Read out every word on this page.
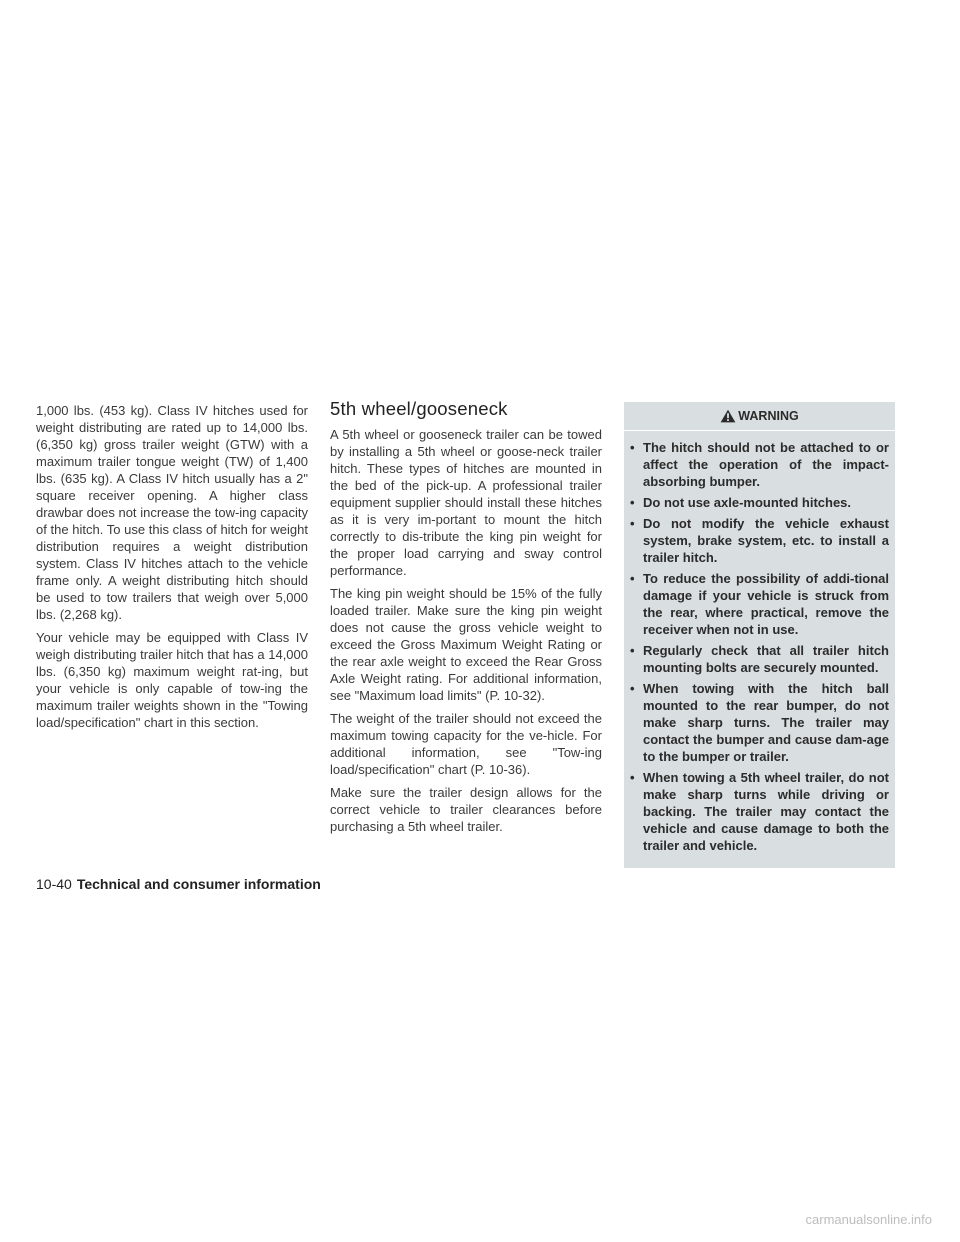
1,000 lbs. (453 kg). Class IV hitches used for weight distributing are rated up to 14,000 lbs. (6,350 kg) gross trailer weight (GTW) with a maximum trailer tongue weight (TW) of 1,400 lbs. (635 kg). A Class IV hitch usually has a 2" square receiver opening. A higher class drawbar does not increase the tow-ing capacity of the hitch. To use this class of hitch for weight distribution requires a weight distribution system. Class IV hitches attach to the vehicle frame only. A weight distributing hitch should be used to tow trailers that weigh over 5,000 lbs. (2,268 kg).

Your vehicle may be equipped with Class IV weigh distributing trailer hitch that has a 14,000 lbs. (6,350 kg) maximum weight rat-ing, but your vehicle is only capable of tow-ing the maximum trailer weights shown in the "Towing load/specification" chart in this section.

5th wheel/gooseneck

A 5th wheel or gooseneck trailer can be towed by installing a 5th wheel or goose-neck trailer hitch. These types of hitches are mounted in the bed of the pick-up. A professional trailer equipment supplier should install these hitches as it is very im-portant to mount the hitch correctly to dis-tribute the king pin weight for the proper load carrying and sway control performance.

The king pin weight should be 15% of the fully loaded trailer. Make sure the king pin weight does not cause the gross vehicle weight to exceed the Gross Maximum Weight Rating or the rear axle weight to exceed the Rear Gross Axle Weight rating. For additional information, see "Maximum load limits" (P. 10-32).

The weight of the trailer should not exceed the maximum towing capacity for the ve-hicle. For additional information, see "Tow-ing load/specification" chart (P. 10-36).

Make sure the trailer design allows for the correct vehicle to trailer clearances before purchasing a 5th wheel trailer.

WARNING
• The hitch should not be attached to or affect the operation of the impact-absorbing bumper.
• Do not use axle-mounted hitches.
• Do not modify the vehicle exhaust system, brake system, etc. to install a trailer hitch.
• To reduce the possibility of addi-tional damage if your vehicle is struck from the rear, where practical, remove the receiver when not in use.
• Regularly check that all trailer hitch mounting bolts are securely mounted.
• When towing with the hitch ball mounted to the rear bumper, do not make sharp turns. The trailer may contact the bumper and cause dam-age to the bumper or trailer.
• When towing a 5th wheel trailer, do not make sharp turns while driving or backing. The trailer may contact the vehicle and cause damage to both the trailer and vehicle.
10-40 Technical and consumer information
carmanualsonline.info
